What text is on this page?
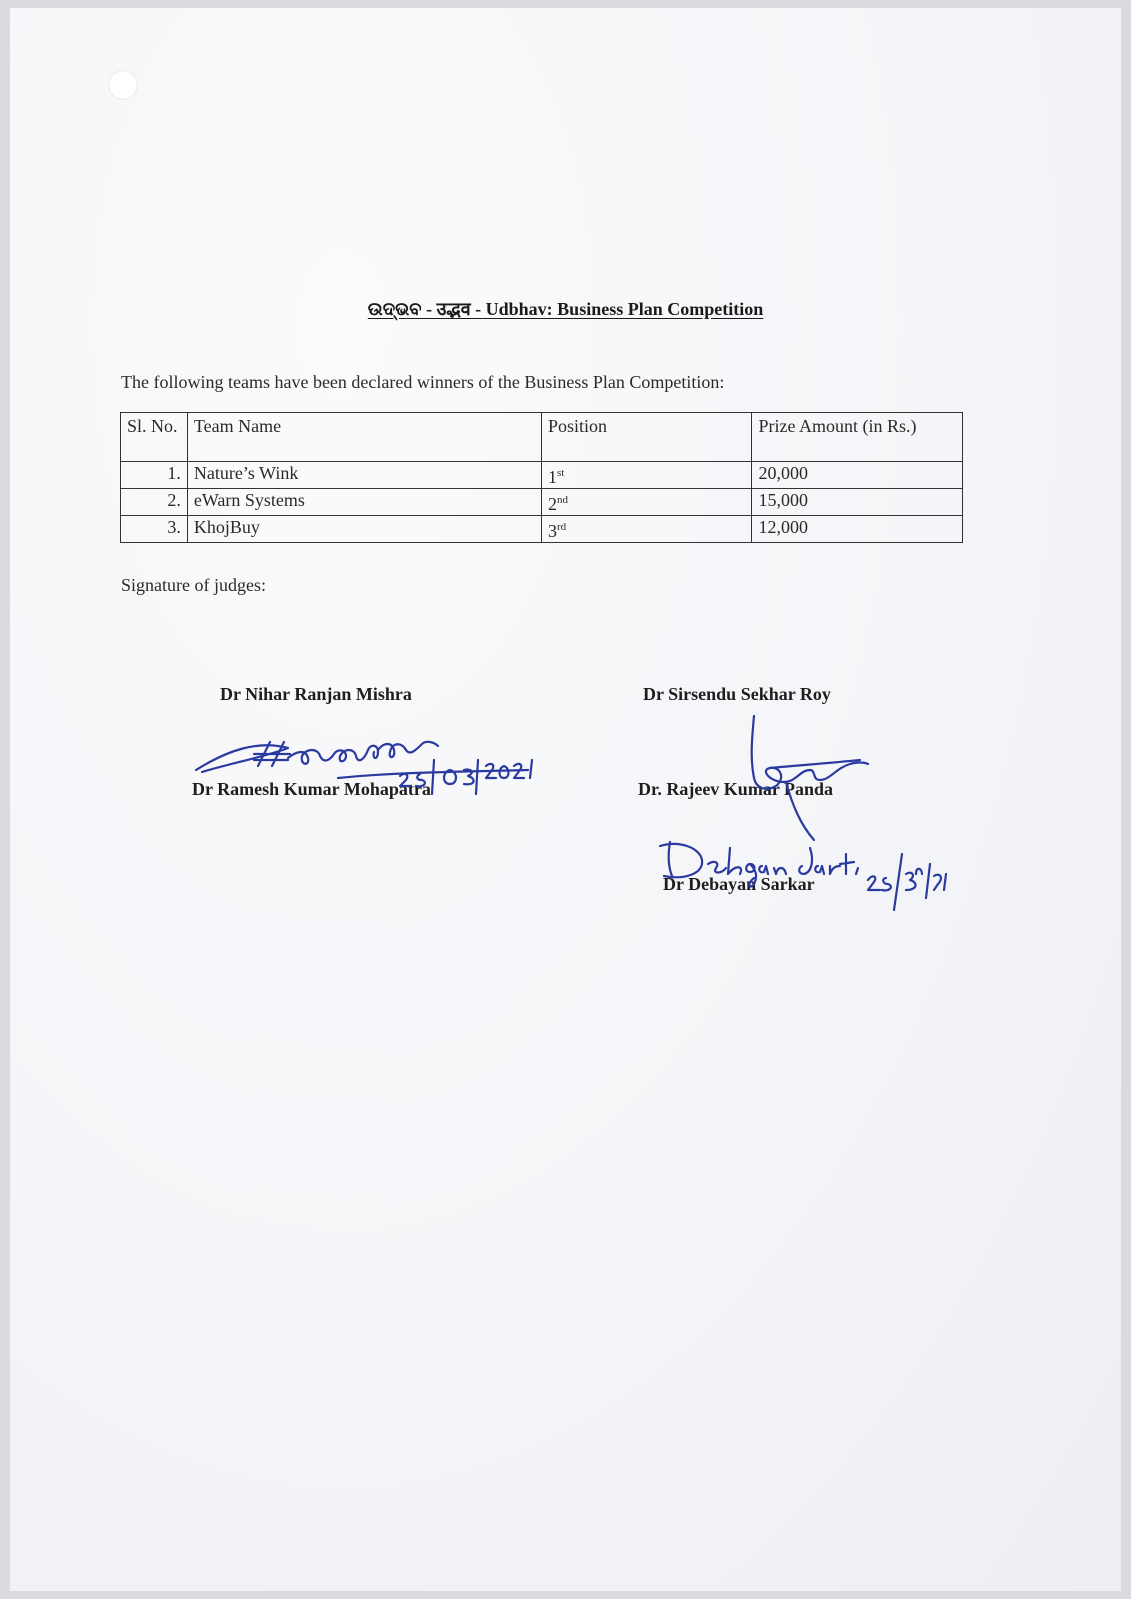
ଉଦ୍ଭବ - उद्भव - Udbhav: Business Plan Competition
The following teams have been declared winners of the Business Plan Competition:
Sl. No.	Team Name	Position	Prize Amount (in Rs.)
1.	Nature’s Wink	1st	20,000
2.	eWarn Systems	2nd	15,000
3.	KhojBuy	3rd	12,000
Signature of judges:
Dr Nihar Ranjan Mishra	Dr Sirsendu Sekhar Roy
Dr Ramesh Kumar Mohapatra	Dr. Rajeev Kumar Panda
Dr Debayan Sarkar
